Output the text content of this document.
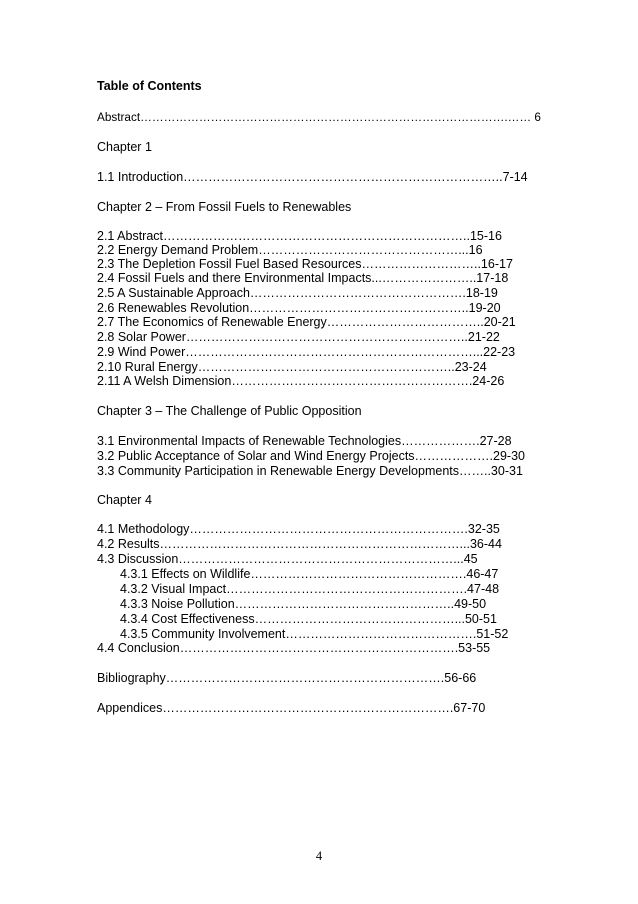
Table of Contents
Abstract………………………………………………………………………………….…… 6
Chapter 1
1.1 Introduction…………………………………………………………………..7-14
Chapter 2 – From Fossil Fuels to Renewables
2.1 Abstract………………………………………………………………..15-16
2.2 Energy Demand Problem…………………………………………...16
2.3 The Depletion Fossil Fuel Based Resources………………………..16-17
2.4 Fossil Fuels and there Environmental Impacts...…………………..17-18
2.5 A Sustainable Approach…………………………………………….18-19
2.6 Renewables Revolution……………………………………………..19-20
2.7 The Economics of Renewable Energy………………………………..20-21
2.8 Solar Power…………………………………………………………..21-22
2.9 Wind Power……………………………………………………………...22-23
2.10 Rural Energy……………………………………………………..23-24
2.11 A Welsh Dimension………………………………………………….24-26
Chapter 3 – The Challenge of Public Opposition
3.1 Environmental Impacts of Renewable Technologies……………….27-28
3.2 Public Acceptance of Solar and Wind Energy Projects……………….29-30
3.3 Community Participation in Renewable Energy Developments……..30-31
Chapter 4
4.1 Methodology………………………………………………………….32-35
4.2 Results………………………………………………………………...36-44
4.3 Discussion…………………………………………………………...45
4.3.1 Effects on Wildlife…………………………………………….46-47
4.3.2 Visual Impact………………………………………………….47-48
4.3.3 Noise Pollution……………………………………………..49-50
4.3.4 Cost Effectiveness…………………………………………...50-51
4.3.5 Community Involvement……………………………………….51-52
4.4 Conclusion………………………………………………………….53-55
Bibliography………………………………………………………….56-66
Appendices…………………………………………………………….67-70
4
